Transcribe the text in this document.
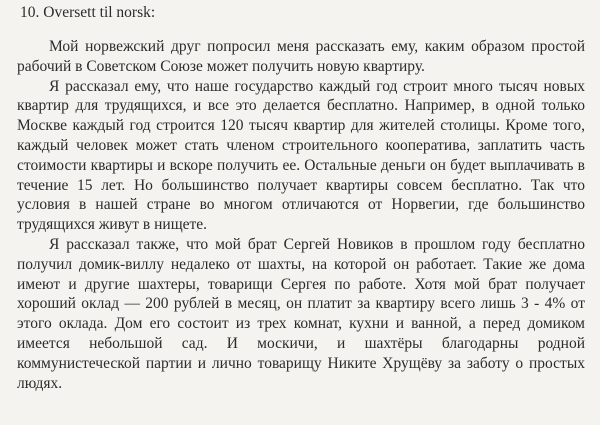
10. Oversett til norsk:

Мой норвежский друг попросил меня рассказать ему, каким образом простой рабочий в Советском Союзе может получить новую квартиру.

Я рассказал ему, что наше государство каждый год строит много тысяч новых квартир для трудящихся, и все это делается бесплатно. Например, в одной только Москве каждый год строится 120 тысяч квартир для жителей столицы. Кроме того, каждый человек может стать членом строительного кооператива, заплатить часть стоимости квартиры и вскоре получить ее. Остальные деньги он будет выплачивать в течение 15 лет. Но большинство получает квартиры совсем бесплатно. Так что условия в нашей стране во многом отличаются от Норвегии, где большинство трудящихся живут в нищете.

Я рассказал также, что мой брат Сергей Новиков в прошлом году бесплатно получил домик-виллу недалеко от шахты, на которой он работает. Такие же дома имеют и другие шахтеры, товарищи Сергея по работе. Хотя мой брат получает хороший оклад — 200 рублей в месяц, он платит за квартиру всего лишь 3 - 4% от этого оклада. Дом его состоит из трех комнат, кухни и ванной, а перед домиком имеется небольшой сад. И москичи, и шахтёры благодарны родной коммунистеческой партии и лично товарищу Никите Хрущёву за заботу о простых людях.
